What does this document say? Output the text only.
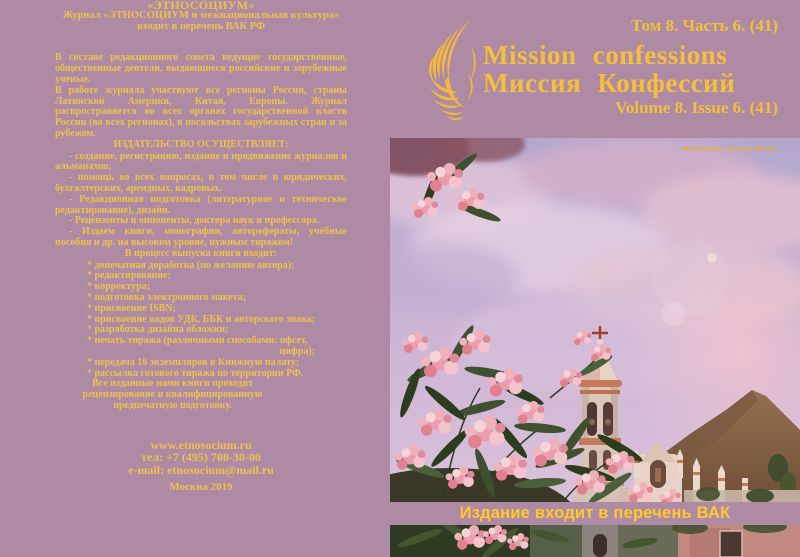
«ЭТНОСОЦИУМ»

Журнал «ЭТНОСОЦИУМ и межнациональная культура»

входит в перечень ВАК РФ

В составе редакционного совета ведущие государственные, общественные деятели, выдающиеся российские и зарубежные ученые.

В работе журнала участвуют все регионы России, страны Латинской Америки, Китая, Европы. Журнал распространяется во всех органах государственной власти России (во всех регионах), в посольствах зарубежных стран и за рубежом.

ИЗДАТЕЛЬСТВО ОСУЩЕСТВЛЯЕТ:

- создание, регистрацию, издание и продвижение журналов и альманахов;

- помощь во всех вопросах, в том числе в юридических, бухгалтерских, арендных, кадровых.

- Редакционная подготовка (литературное и техническое редактирование), дизайн.

- Рецензенты и оппоненты, доктора наук и профессора.

- Издаем книги, монографии, авторефераты, учебные пособия и др. на высоком уровне, нужным тиражом!

В процесс выпуска книги входит:

* допечатная доработка (по желанию автора);

* редактирование;

* корректура;

* подготовка электронного макета;

* присвоение ISBN;

* присвоение кодов УДК, ББК и авторского знака;

* разработка дизайна обложки;

* печать тиража (различными способами: офсет,

цифра);

* передача 16 экземпляров в Книжную палату;

* рассылка готового тиража по территории РФ.

Все изданные нами книги проходят рецензирование и квалифицированную предпечатную подготовку.

www.etnosocium.ru

тел: +7 (495) 708-30-00

e-mail: etnosocium@mail.ru

Москва 2019

Том 8. Часть 6. (41)
Mission confessions
Миссия Конфессий
Volume 8. Issue 6. (41)
Фотограф: Juanjo Menta
Издание входит в перечень ВАК
